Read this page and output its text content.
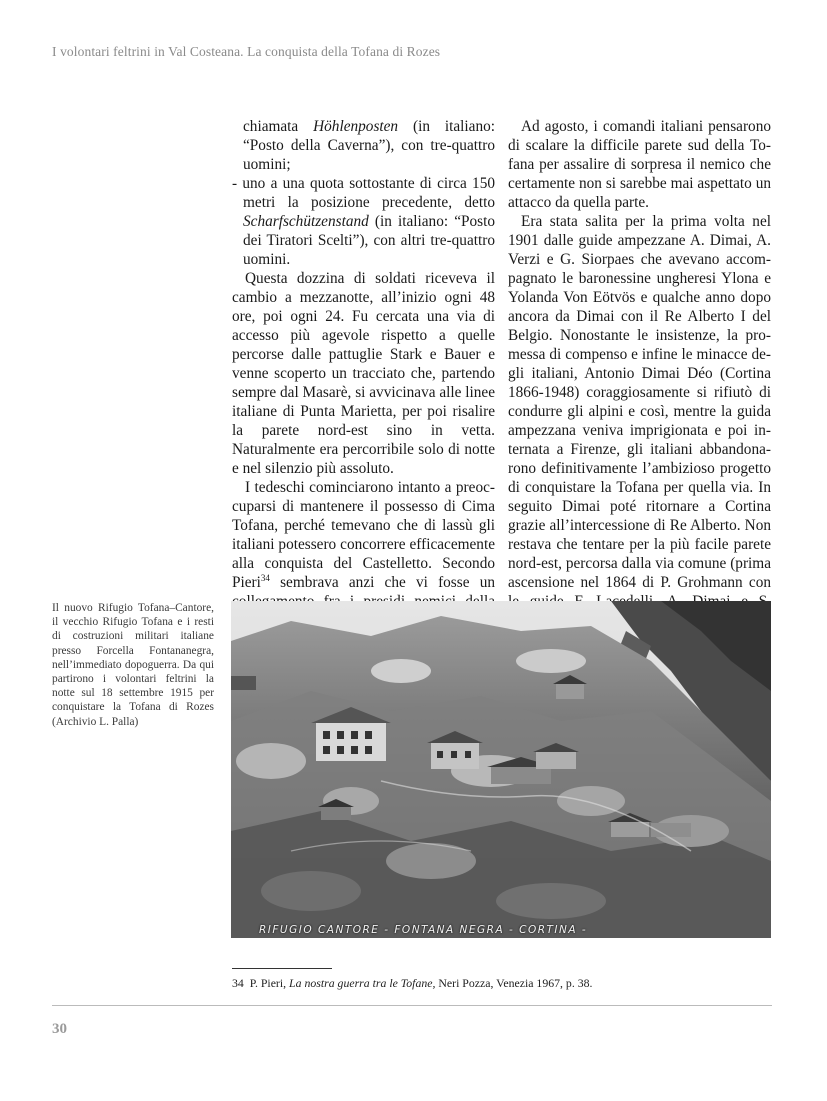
I volontari feltrini in Val Costeana. La conquista della Tofana di Rozes

chiamata Höhlenposten (in italiano: “Posto della Caverna”), con tre-quattro uomini;

- uno a una quota sottostante di circa 150 metri la posizione precedente, detto Scharfschützenstand (in italiano: “Posto dei Tiratori Scelti”), con altri tre-quattro uomini.

Questa dozzina di soldati riceveva il cambio a mezzanotte, all’inizio ogni 48 ore, poi ogni 24. Fu cercata una via di accesso più agevole rispetto a quelle percorse dalle pattuglie Stark e Bauer e venne scoperto un tracciato che, partendo sempre dal Masarè, si avvicinava alle linee italiane di Punta Marietta, per poi risalire la parete nord-est sino in vetta. Naturalmente era percorribile solo di notte e nel silenzio più assoluto.

I tedeschi cominciarono intanto a preoccuparsi di mantenere il possesso di Cima Tofana, perché temevano che di lassù gli italiani potessero concorrere efficacemente alla conquista del Castelletto. Secondo Pieri$^{34}$ sembrava anzi che vi fosse un

Ad agosto, i comandi italiani pensarono di scalare la difficile parete sud della Tofana per assalire di sorpresa il nemico che certamente non si sarebbe mai aspettato un attacco da quella parte.

Era stata salita per la prima volta nel 1901 dalle guide ampezzane A. Dimai, A. Verzi e G. Siorpaes che avevano accompagnato le baronessine ungheresi Ylona e Yolanda Von Eötvös e qualche anno dopo ancora da Dimai con il Re Alberto I del Belgio. Nonostante le insistenze, la promessa di compenso e infine le minacce degli italiani, Antonio Dimai Déo (Cortina 1866-1948) coraggiosamente si rifiutò di condurre gli alpini e così, mentre la guida ampezzana veniva imprigionata e poi internata a Firenze, gli italiani abbandonarono definitivamente l’ambizioso progetto di conquistare la Tofana per quella via. In seguito Dimai poté ritornare a Cortina grazie all’intercessione di Re Alberto. Non restava che tentare per la più facile parete nord-est, percorsa dalla via comune (prima ascensione nel 1864 di P. Grohmann con

Il nuovo Rifugio Tofana–Cantore, il vecchio Rifugio Tofana e i resti di costruzioni militari italiane presso Forcella Fontananegra, nell’immediato dopoguerra. Da qui partirono i volontari feltrini la notte sul 18 settembre 1915 per conquistare la Tofana di Rozes (Archivio L. Palla)
RIFUGIO CANTORE - FONTANA NEGRA - CORTINA -
34 P. Pieri, La nostra guerra tra le Tofane, Neri Pozza, Venezia 1967, p. 38.
30
